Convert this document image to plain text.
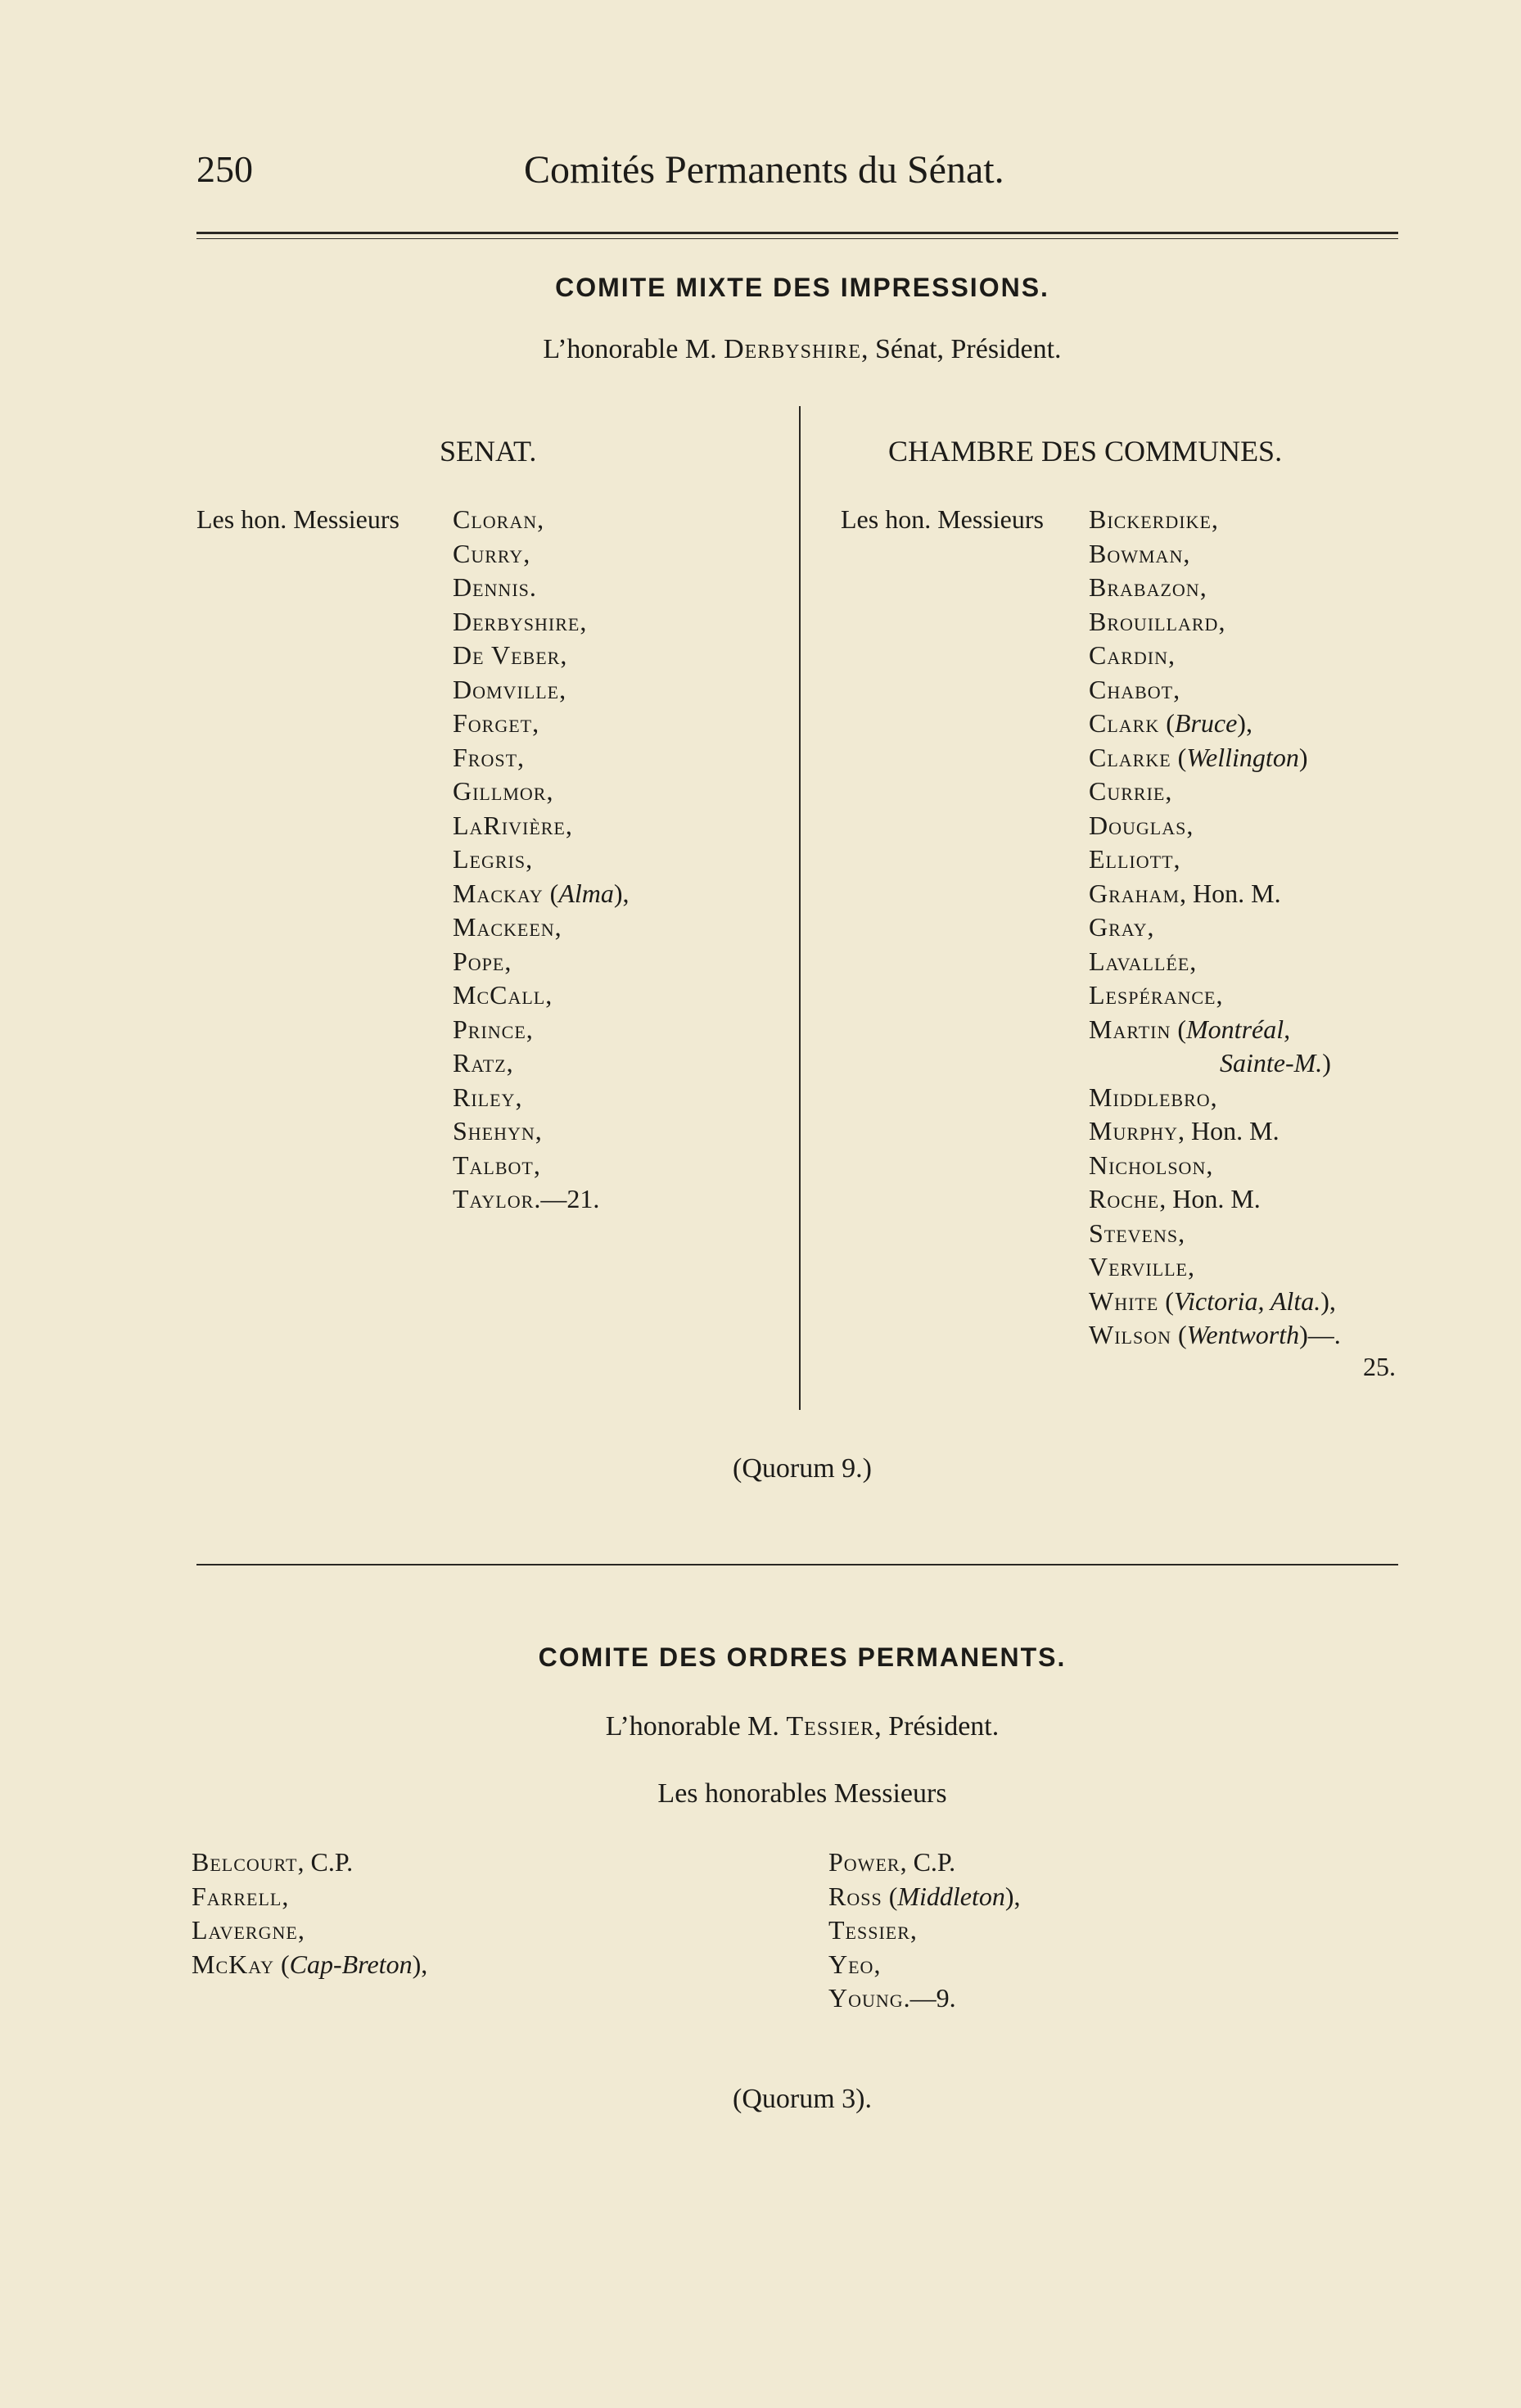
250	Comités Permanents du Sénat.
COMITE MIXTE DES IMPRESSIONS.
L’honorable M. Derbyshire, Sénat, Président.
SENAT.	CHAMBRE DES COMMUNES.
Les hon. Messieurs Cloran,
Curry,
Dennis.
Derbyshire,
De Veber,
Domville,
Forget,
Frost,
Gillmor,
LaRivière,
Legris,
Mackay (Alma),
Mackeen,
Pope,
McCall,
Prince,
Ratz,
Riley,
Shehyn,
Talbot,
Taylor.—21.
Les hon. Messieurs Bickerdike,
Bowman,
Brabazon,
Brouillard,
Cardin,
Chabot,
Clark (Bruce),
Clarke (Wellington)
Currie,
Douglas,
Elliott,
Graham, Hon. M.
Gray,
Lavallée,
Lespérance,
Martin (Montréal,
Sainte-M.)
Middlebro,
Murphy, Hon. M.
Nicholson,
Roche, Hon. M.
Stevens,
Verville,
White (Victoria, Alta.),
Wilson (Wentworth)—.
25.
(Quorum 9.)
COMITE DES ORDRES PERMANENTS.
L’honorable M. Tessier, Président.
Les honorables Messieurs
Belcourt, C.P.
Farrell,
Lavergne,
McKay (Cap-Breton),
Power, C.P.
Ross (Middleton),
Tessier,
Yeo,
Young.—9.
(Quorum 3).
